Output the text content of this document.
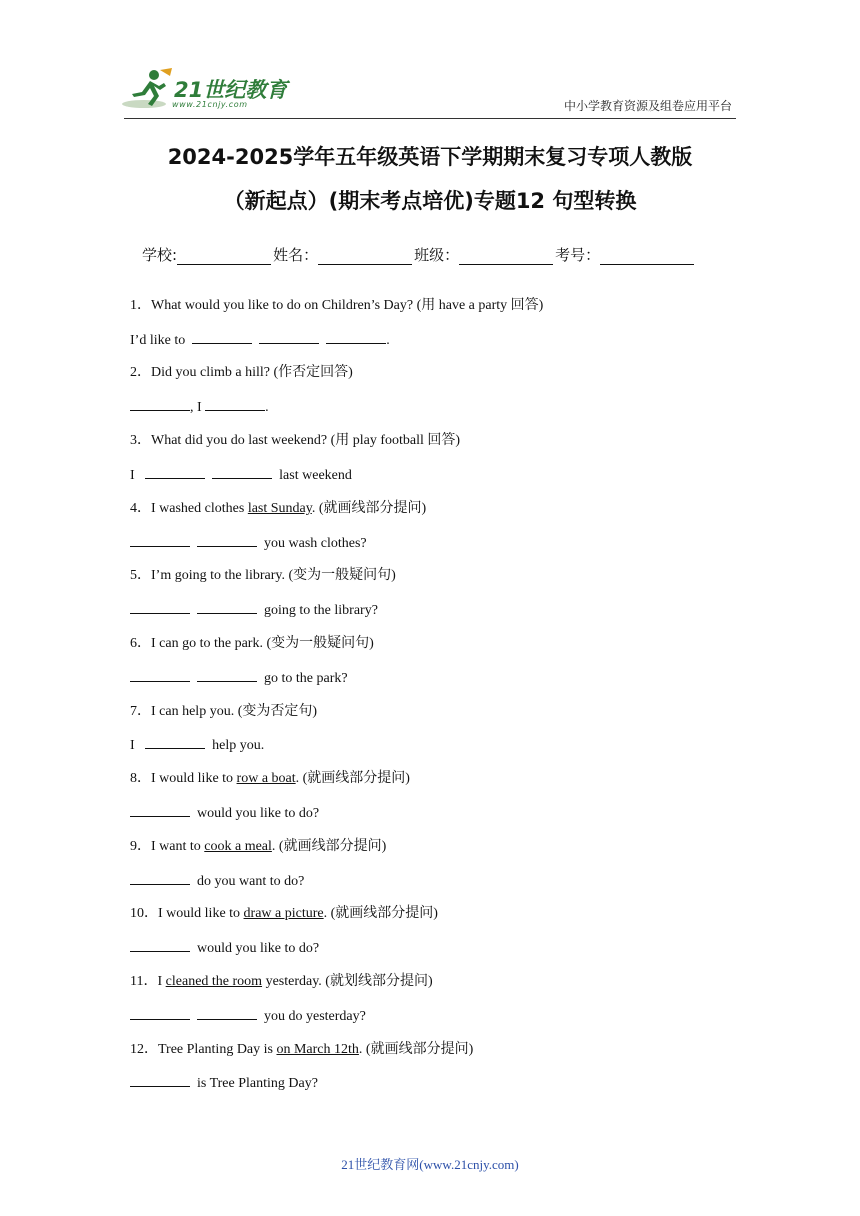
21世纪教育
www.21cnjy.com	中小学教育资源及组卷应用平台
2024-2025学年五年级英语下学期期末复习专项人教版
（新起点）(期末考点培优)专题12 句型转换
学校:	姓名：	班级：	考号：
1．What would you like to do on Children’s Day? (用 have a party 回答)
I’d like to	.
2．Did you climb a hill? (作否定回答)
, I	.
3．What did you do last weekend? (用 play football 回答)
I	last weekend
4．I washed clothes last Sunday. (就画线部分提问)
you wash clothes?
5．I’m going to the library. (变为一般疑问句)
going to the library?
6．I can go to the park. (变为一般疑问句)
go to the park?
7．I can help you. (变为否定句)
I	help you.
8．I would like to row a boat. (就画线部分提问)
would you like to do?
9．I want to cook a meal. (就画线部分提问)
do you want to do?
10．I would like to draw a picture. (就画线部分提问)
would you like to do?
11．I cleaned the room yesterday. (就划线部分提问)
you do yesterday?
12．Tree Planting Day is on March 12th. (就画线部分提问)
is Tree Planting Day?
21世纪教育网(www.21cnjy.com)
